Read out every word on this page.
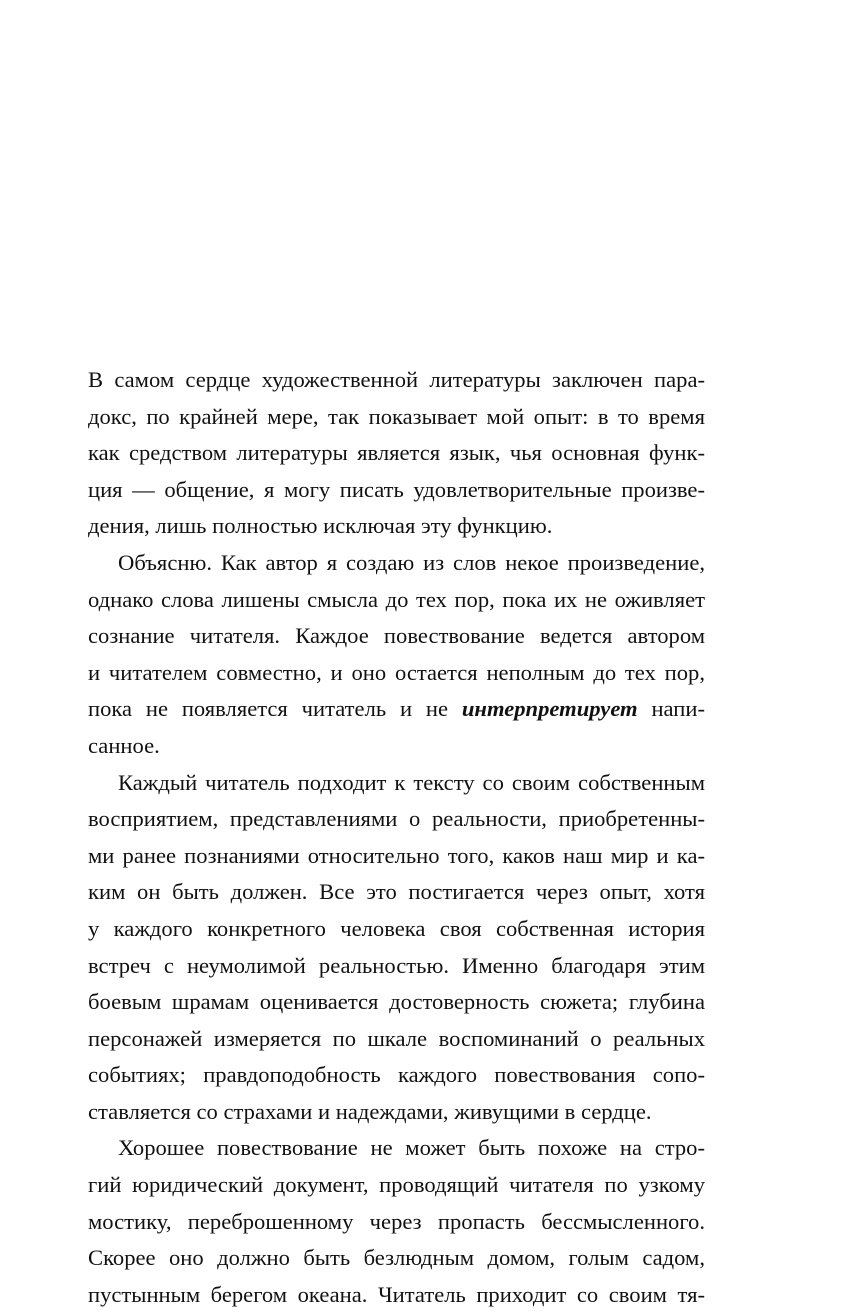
В самом сердце художественной литературы заключен пара-
докс, по крайней мере, так показывает мой опыт: в то время
как средством литературы является язык, чья основная функ-
ция — общение, я могу писать удовлетворительные произве-
дения, лишь полностью исключая эту функцию.
Объясню. Как автор я создаю из слов некое произведение,
однако слова лишены смысла до тех пор, пока их не оживляет
сознание читателя. Каждое повествование ведется автором
и читателем совместно, и оно остается неполным до тех пор,
пока не появляется читатель и не интерпретирует напи-
санное.
Каждый читатель подходит к тексту со своим собственным
восприятием, представлениями о реальности, приобретенны-
ми ранее познаниями относительно того, каков наш мир и ка-
ким он быть должен. Все это постигается через опыт, хотя
у каждого конкретного человека своя собственная история
встреч с неумолимой реальностью. Именно благодаря этим
боевым шрамам оценивается достоверность сюжета; глубина
персонажей измеряется по шкале воспоминаний о реальных
событиях; правдоподобность каждого повествования сопо-
ставляется со страхами и надеждами, живущими в сердце.
Хорошее повествование не может быть похоже на стро-
гий юридический документ, проводящий читателя по узкому
мостику, переброшенному через пропасть бессмысленного.
Скорее оно должно быть безлюдным домом, голым садом,
пустынным берегом океана. Читатель приходит со своим тя-
